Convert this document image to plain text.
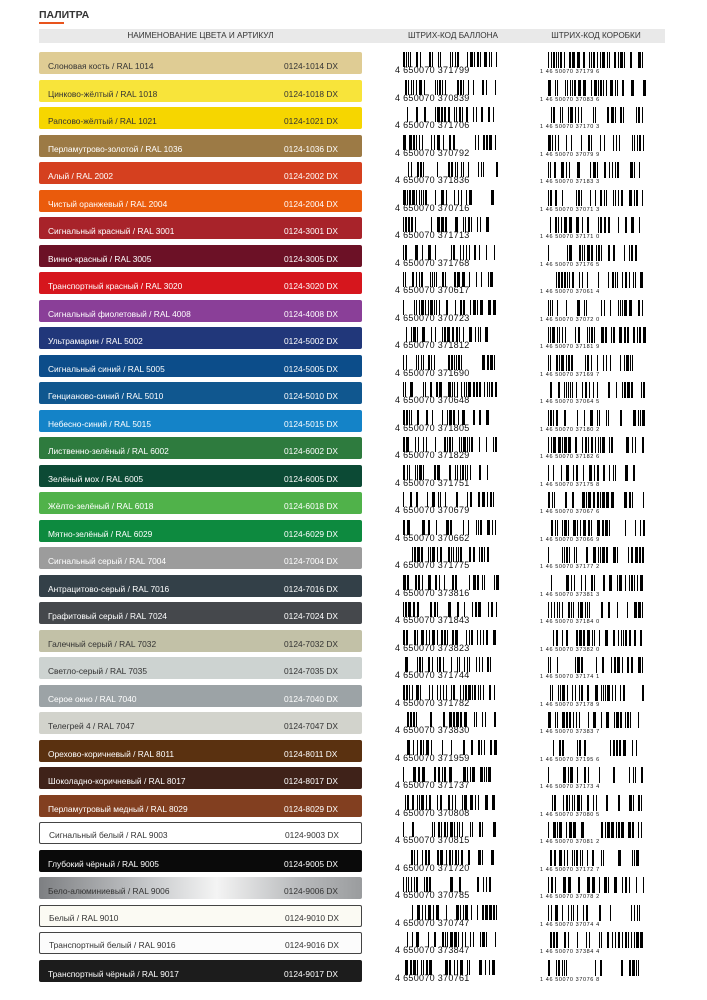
ПАЛИТРА
НАИМЕНОВАНИЕ ЦВЕТА И АРТИКУЛ	ШТРИХ-КОД БАЛЛОНА	ШТРИХ-КОД КОРОБКИ
Слоновая кость / RAL 1014	0124-1014 DX	4 650070 371799	1 46 50070 37179 6
Цинково-жёлтый / RAL 1018	0124-1018 DX	4 650070 370839	1 46 50070 37083 6
Рапсово-жёлтый / RAL 1021	0124-1021 DX	4 650070 371706	1 46 50070 37170 3
Перламутрово-золотой / RAL 1036	0124-1036 DX	4 650070 370792	1 46 50070 37079 9
Алый / RAL 2002	0124-2002 DX	4 650070 371836	1 46 50070 37183 3
Чистый оранжевый / RAL 2004	0124-2004 DX	4 650070 370716	1 46 50070 37071 3
Сигнальный красный / RAL 3001	0124-3001 DX	4 650070 371713	1 46 50070 37171 0
Винно-красный / RAL 3005	0124-3005 DX	4 650070 371768	1 46 50070 37176 5
Транспортный красный / RAL 3020	0124-3020 DX	4 650070 370617	1 46 50070 37061 4
Сигнальный фиолетовый / RAL 4008	0124-4008 DX	4 650070 370723	1 46 50070 37072 0
Ультрамарин / RAL 5002	0124-5002 DX	4 650070 371812	1 46 50070 37181 9
Сигнальный синий / RAL 5005	0124-5005 DX	4 650070 371690	1 46 50070 37169 7
Генцианово-синий / RAL 5010	0124-5010 DX	4 650070 370648	1 46 50070 37064 5
Небесно-синий / RAL 5015	0124-5015 DX	4 650070 371805	1 46 50070 37180 2
Лиственно-зелёный / RAL 6002	0124-6002 DX	4 650070 371829	1 46 50070 37182 6
Зелёный мох / RAL 6005	0124-6005 DX	4 650070 371751	1 46 50070 37175 8
Жёлто-зелёный / RAL 6018	0124-6018 DX	4 650070 370679	1 46 50070 37067 6
Мятно-зелёный / RAL 6029	0124-6029 DX	4 650070 370662	1 46 50070 37066 9
Сигнальный серый / RAL 7004	0124-7004 DX	4 650070 371775	1 46 50070 37177 2
Антрацитово-серый / RAL 7016	0124-7016 DX	4 650070 373816	1 46 50070 37381 3
Графитовый серый / RAL 7024	0124-7024 DX	4 650070 371843	1 46 50070 37184 0
Галечный серый / RAL 7032	0124-7032 DX	4 650070 373823	1 46 50070 37382 0
Светло-серый / RAL 7035	0124-7035 DX	4 650070 371744	1 46 50070 37174 1
Серое окно / RAL 7040	0124-7040 DX	4 650070 371782	1 46 50070 37178 9
Телегрей 4 / RAL 7047	0124-7047 DX	4 650070 373830	1 46 50070 37383 7
Орехово-коричневый / RAL 8011	0124-8011 DX	4 650070 371959	1 46 50070 37195 6
Шоколадно-коричневый / RAL 8017	0124-8017 DX	4 650070 371737	1 46 50070 37173 4
Перламутровый медный / RAL 8029	0124-8029 DX	4 650070 370808	1 46 50070 37080 5
Сигнальный белый / RAL 9003	0124-9003 DX	4 650070 370815	1 46 50070 37081 2
Глубокий чёрный / RAL 9005	0124-9005 DX	4 650070 371720	1 46 50070 37172 7
Бело-алюминиевый / RAL 9006	0124-9006 DX	4 650070 370785	1 46 50070 37078 2
Белый / RAL 9010	0124-9010 DX	4 650070 370747	1 46 50070 37074 4
Транспортный белый / RAL 9016	0124-9016 DX	4 650070 373847	1 46 50070 37384 4
Транспортный чёрный / RAL 9017	0124-9017 DX	4 650070 370761	1 46 50070 37076 8
